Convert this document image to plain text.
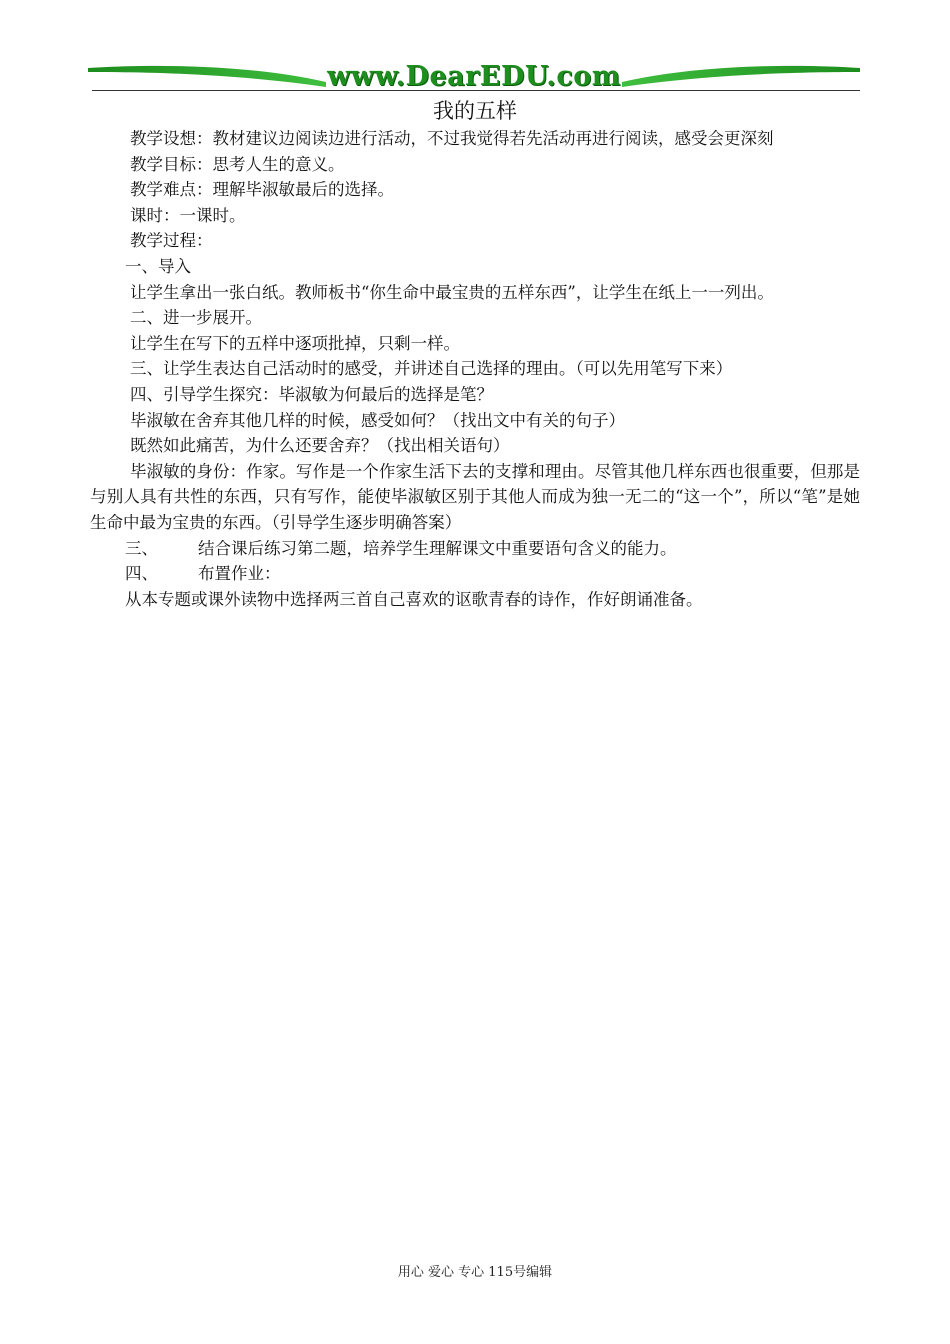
www.DearEDU.com
我的五样

教学设想：教材建议边阅读边进行活动，不过我觉得若先活动再进行阅读，感受会更深刻

教学目标：思考人生的意义。

教学难点：理解毕淑敏最后的选择。

课时：一课时。

教学过程：

一、导入

让学生拿出一张白纸。教师板书“你生命中最宝贵的五样东西”，让学生在纸上一一列出。

二、进一步展开。

让学生在写下的五样中逐项批掉，只剩一样。

三、让学生表达自己活动时的感受，并讲述自己选择的理由。（可以先用笔写下来）

四、引导学生探究：毕淑敏为何最后的选择是笔？

毕淑敏在舍弃其他几样的时候，感受如何？（找出文中有关的句子）

既然如此痛苦，为什么还要舍弃？（找出相关语句）

毕淑敏的身份：作家。写作是一个作家生活下去的支撑和理由。尽管其他几样东西也很重要，但那是与别人具有共性的东西，只有写作，能使毕淑敏区别于其他人而成为独一无二的“这一个”，所以“笔”是她生命中最为宝贵的东西。（引导学生逐步明确答案）

三、 结合课后练习第二题，培养学生理解课文中重要语句含义的能力。

四、 布置作业：

从本专题或课外读物中选择两三首自己喜欢的讴歌青春的诗作，作好朗诵准备。

用心 爱心 专心 115号编辑
